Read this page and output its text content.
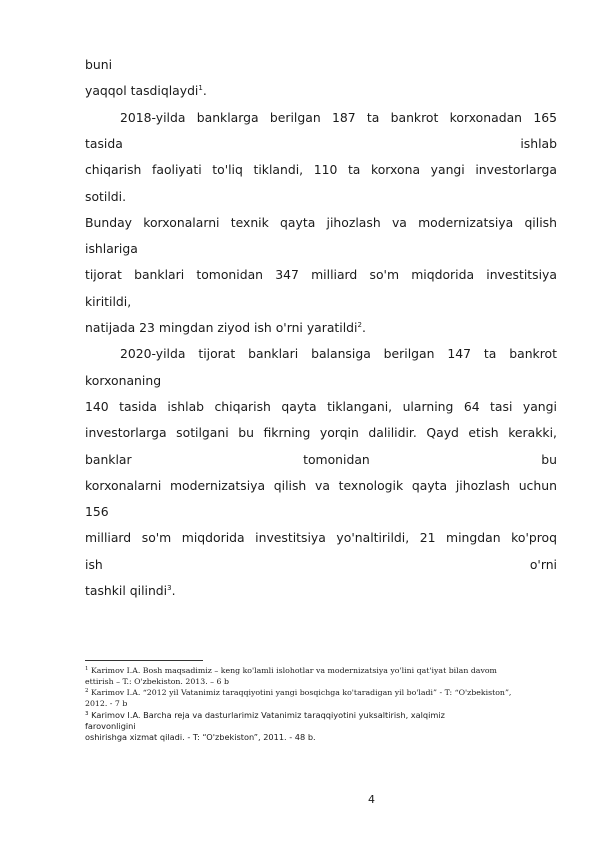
buni
yaqqol tasdiqlaydi$^1$.
2018-yilda banklarga berilgan 187 ta bankrot korxonadan 165
tasida	ishlab
chiqarish faoliyati to'liq tiklandi, 110 ta korxona yangi investorlarga
sotildi.
Bunday korxonalarni texnik qayta jihozlash va modernizatsiya qilish
ishlariga
tijorat banklari tomonidan 347 milliard so'm miqdorida investitsiya
kiritildi,
natijada 23 mingdan ziyod ish o'rni yaratildi$^2$.
2020-yilda tijorat banklari balansiga berilgan 147 ta bankrot
korxonaning
140 tasida ishlab chiqarish qayta tiklangani, ularning 64 tasi yangi
investorlarga sotilgani bu fikrning yorqin dalilidir. Qayd etish kerakki,
banklar	tomonidan	bu
korxonalarni modernizatsiya qilish va texnologik qayta jihozlash uchun
156
milliard so'm miqdorida investitsiya yo'naltirildi, 21 mingdan ko'proq
ish	o'rni
tashkil qilindi$^3$.
$^1$ Karimov I.A. Bosh maqsadimiz – keng ko'lamli islohotlar va modernizatsiya yo'lini qat'iyat bilan davom
ettirish – T.: O'zbekiston. 2013. – 6 b
$^2$ Karimov I.A. “2012 yil Vatanimiz taraqqiyotini yangi bosqichga ko'taradigan yil bo'ladi” - T: “O'zbekiston”,
2012. - 7 b
$^3$ Karimov I.A. Barcha reja va dasturlarimiz Vatanimiz taraqqiyotini yuksaltirish, xalqimiz
farovonligini
oshirishga xizmat qiladi. - T: “O'zbekiston”, 2011. - 48 b.
4
